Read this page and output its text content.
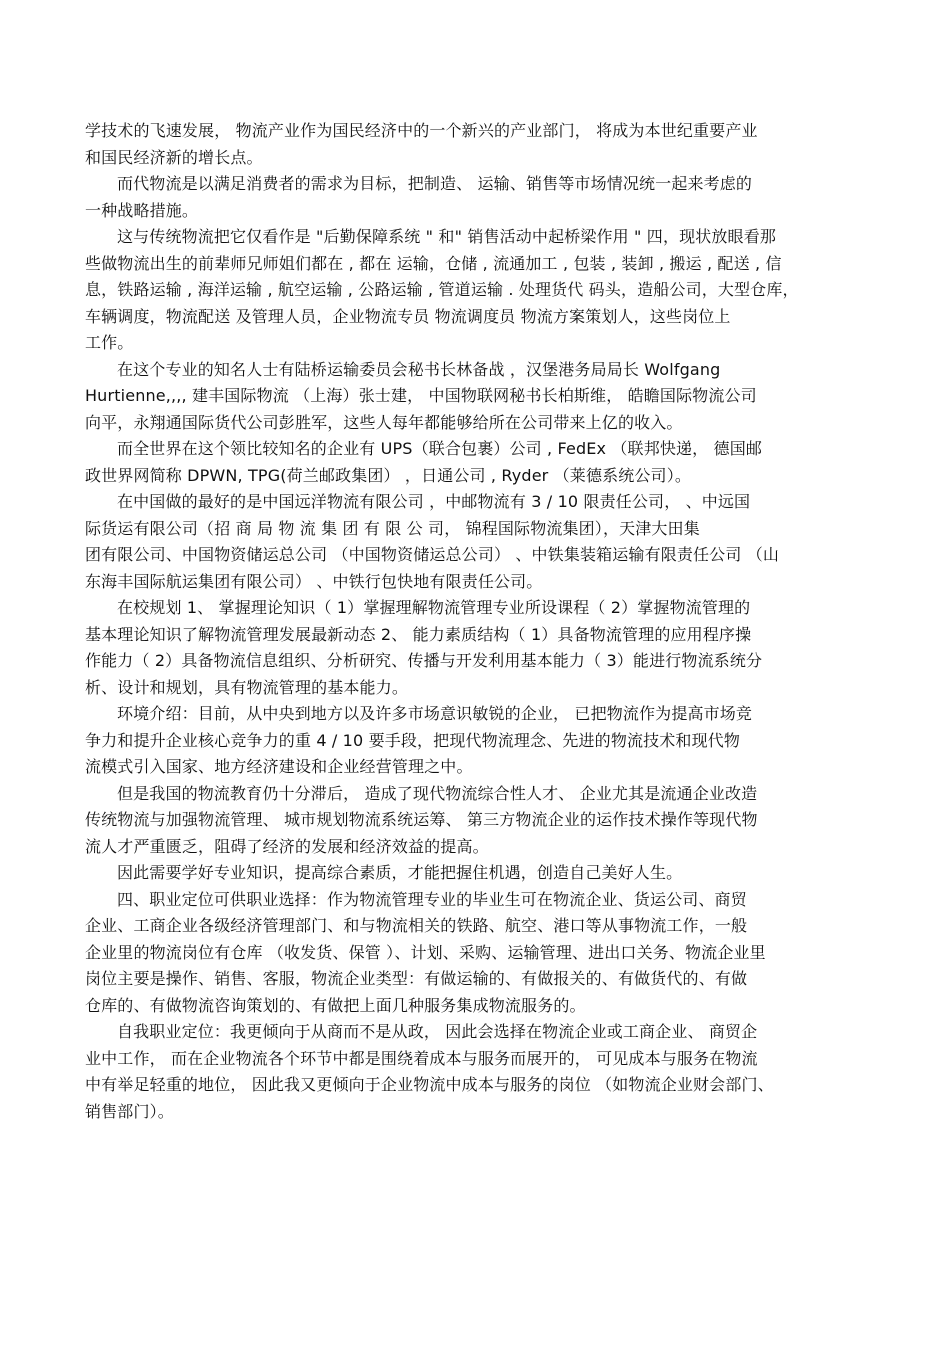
学技术的飞速发展， 物流产业作为国民经济中的一个新兴的产业部门， 将成为本世纪重要产业
和国民经济新的增长点。
而代物流是以满足消费者的需求为目标，把制造、 运输、销售等市场情况统一起来考虑的
一种战略措施。
这与传统物流把它仅看作是 "后勤保障系统 " 和" 销售活动中起桥梁作用 " 四，现状放眼看那
些做物流出生的前辈师兄师姐们都在 , 都在 运输，仓储 , 流通加工 , 包装 , 装卸 , 搬运 , 配送 , 信
息，铁路运输 , 海洋运输 , 航空运输 , 公路运输 , 管道运输 . 处理货代 码头，造船公司，大型仓库，
车辆调度，物流配送 及管理人员，企业物流专员 物流调度员 物流方案策划人，这些岗位上
工作。
在这个专业的知名人士有陆桥运输委员会秘书长林备战 ，汉堡港务局局长 Wolfgang
Hurtienne,,,, 建丰国际物流 （上海）张士建， 中国物联网秘书长柏斯维， 皓瞻国际物流公司
向平，永翔通国际货代公司彭胜军，这些人每年都能够给所在公司带来上亿的收入。
而全世界在这个领比较知名的企业有 UPS（联合包裹）公司 , FedEx （联邦快递， 德国邮
政世界网简称 DPWN, TPG(荷兰邮政集团） ，日通公司 , Ryder （莱德系统公司）。
在中国做的最好的是中国远洋物流有限公司 ，中邮物流有 3 / 10 限责任公司， 、中远国
际货运有限公司（招 商 局 物 流 集 团 有 限 公 司， 锦程国际物流集团），天津大田集
团有限公司、中国物资储运总公司 （中国物资储运总公司） 、中铁集装箱运输有限责任公司 （山
东海丰国际航运集团有限公司） 、中铁行包快地有限责任公司。
在校规划 1、 掌握理论知识（ 1）掌握理解物流管理专业所设课程（ 2）掌握物流管理的
基本理论知识了解物流管理发展最新动态 2、 能力素质结构（ 1）具备物流管理的应用程序操
作能力（ 2）具备物流信息组织、分析研究、传播与开发利用基本能力（ 3）能进行物流系统分
析、设计和规划，具有物流管理的基本能力。
环境介绍：目前，从中央到地方以及许多市场意识敏锐的企业， 已把物流作为提高市场竞
争力和提升企业核心竞争力的重 4 / 10 要手段，把现代物流理念、先进的物流技术和现代物
流模式引入国家、地方经济建设和企业经营管理之中。
但是我国的物流教育仍十分滞后， 造成了现代物流综合性人才、 企业尤其是流通企业改造
传统物流与加强物流管理、 城市规划物流系统运筹、 第三方物流企业的运作技术操作等现代物
流人才严重匮乏，阻碍了经济的发展和经济效益的提高。
因此需要学好专业知识，提高综合素质，才能把握住机遇，创造自己美好人生。
四、职业定位可供职业选择：作为物流管理专业的毕业生可在物流企业、货运公司、商贸
企业、工商企业各级经济管理部门、和与物流相关的铁路、航空、港口等从事物流工作，一般
企业里的物流岗位有仓库 （收发货、保管 ）、计划、采购、运输管理、进出口关务、物流企业里
岗位主要是操作、销售、客服，物流企业类型：有做运输的、有做报关的、有做货代的、有做
仓库的、有做物流咨询策划的、有做把上面几种服务集成物流服务的。
自我职业定位：我更倾向于从商而不是从政， 因此会选择在物流企业或工商企业、 商贸企
业中工作， 而在企业物流各个环节中都是围绕着成本与服务而展开的， 可见成本与服务在物流
中有举足轻重的地位， 因此我又更倾向于企业物流中成本与服务的岗位 （如物流企业财会部门、
销售部门）。
